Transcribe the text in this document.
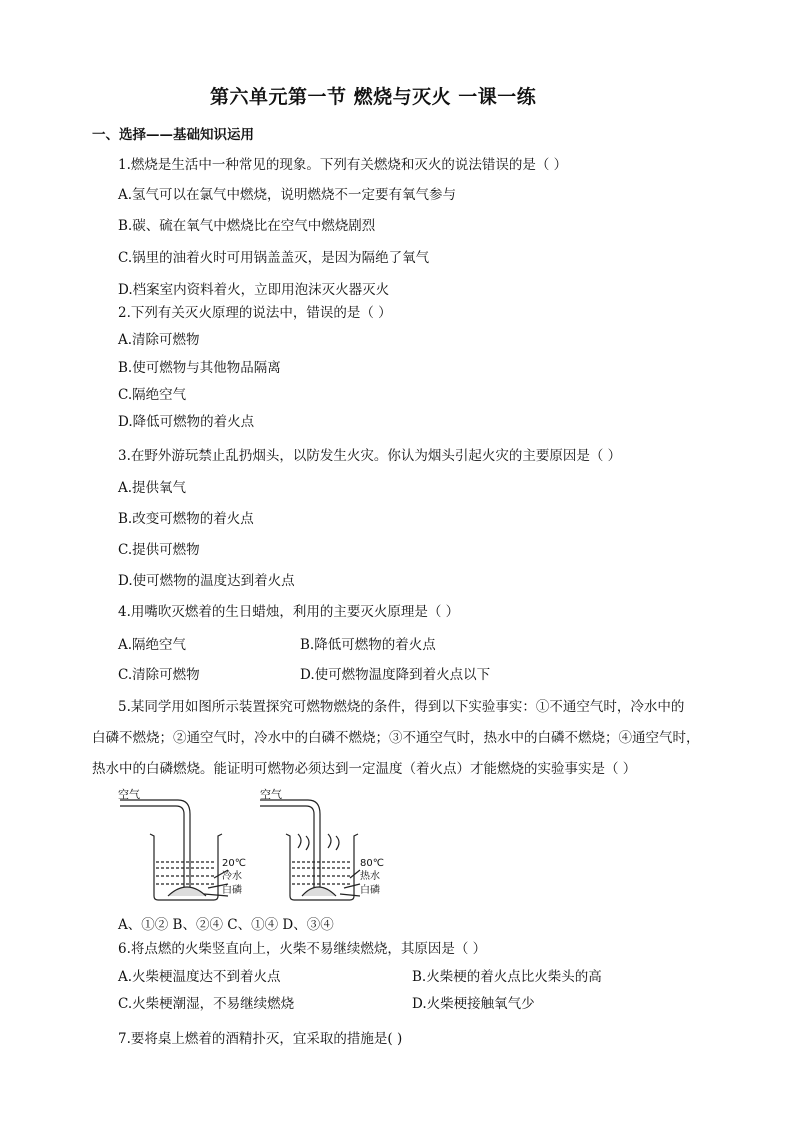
第六单元第一节 燃烧与灭火 一课一练
一、选择——基础知识运用
1.燃烧是生活中一种常见的现象。下列有关燃烧和灭火的说法错误的是（ ）
A.氢气可以在氯气中燃烧，说明燃烧不一定要有氧气参与
B.碳、硫在氧气中燃烧比在空气中燃烧剧烈
C.锅里的油着火时可用锅盖盖灭，是因为隔绝了氧气
D.档案室内资料着火，立即用泡沫灭火器灭火
2.下列有关灭火原理的说法中，错误的是（ ）
A.清除可燃物
B.使可燃物与其他物品隔离
C.隔绝空气
D.降低可燃物的着火点
3.在野外游玩禁止乱扔烟头，以防发生火灾。你认为烟头引起火灾的主要原因是（ ）
A.提供氧气
B.改变可燃物的着火点
C.提供可燃物
D.使可燃物的温度达到着火点
4.用嘴吹灭燃着的生日蜡烛，利用的主要灭火原理是（ ）
A.隔绝空气	B.降低可燃物的着火点
C.清除可燃物	D.使可燃物温度降到着火点以下
5.某同学用如图所示装置探究可燃物燃烧的条件，得到以下实验事实：①不通空气时，冷水中的
白磷不燃烧；②通空气时，冷水中的白磷不燃烧；③不通空气时，热水中的白磷不燃烧；④通空气时，
热水中的白磷燃烧。能证明可燃物必须达到一定温度（着火点）才能燃烧的实验事实是（ ）
空气
20℃
冷水
白磷
空气
80℃
热水
白磷
A、①② B、②④ C、①④ D、③④
6.将点燃的火柴竖直向上，火柴不易继续燃烧，其原因是（ ）
A.火柴梗温度达不到着火点	B.火柴梗的着火点比火柴头的高
C.火柴梗潮湿，不易继续燃烧	D.火柴梗接触氧气少
7.要将桌上燃着的酒精扑灭，宜采取的措施是( )
